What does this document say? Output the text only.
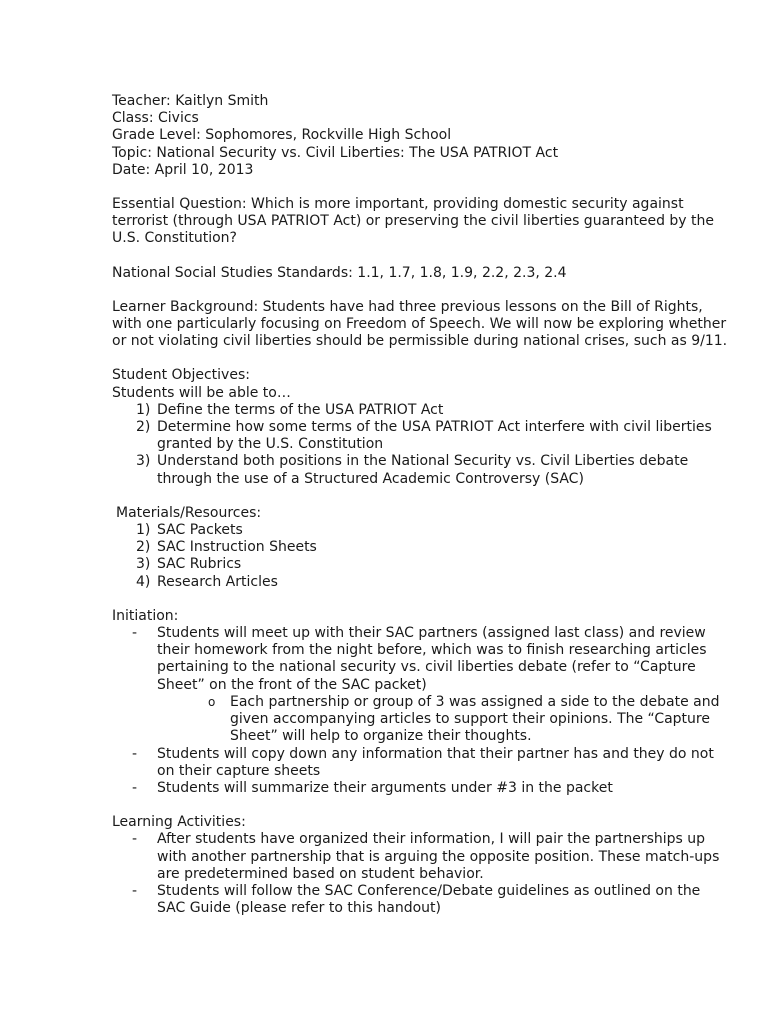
Teacher: Kaitlyn Smith
Class: Civics
Grade Level: Sophomores, Rockville High School
Topic: National Security vs. Civil Liberties: The USA PATRIOT Act
Date: April 10, 2013
Essential Question: Which is more important, providing domestic security against
terrorist (through USA PATRIOT Act) or preserving the civil liberties guaranteed by the
U.S. Constitution?
National Social Studies Standards: 1.1, 1.7, 1.8, 1.9, 2.2, 2.3, 2.4
Learner Background: Students have had three previous lessons on the Bill of Rights,
with one particularly focusing on Freedom of Speech. We will now be exploring whether
or not violating civil liberties should be permissible during national crises, such as 9/11.
Student Objectives:
Students will be able to…
1) Define the terms of the USA PATRIOT Act
2) Determine how some terms of the USA PATRIOT Act interfere with civil liberties
granted by the U.S. Constitution
3) Understand both positions in the National Security vs. Civil Liberties debate
through the use of a Structured Academic Controversy (SAC)
Materials/Resources:
1) SAC Packets
2) SAC Instruction Sheets
3) SAC Rubrics
4) Research Articles
Initiation:
- Students will meet up with their SAC partners (assigned last class) and review
their homework from the night before, which was to finish researching articles
pertaining to the national security vs. civil liberties debate (refer to “Capture
Sheet” on the front of the SAC packet)
o Each partnership or group of 3 was assigned a side to the debate and
given accompanying articles to support their opinions. The “Capture
Sheet” will help to organize their thoughts.
- Students will copy down any information that their partner has and they do not
on their capture sheets
- Students will summarize their arguments under #3 in the packet
Learning Activities:
- After students have organized their information, I will pair the partnerships up
with another partnership that is arguing the opposite position. These match-ups
are predetermined based on student behavior.
- Students will follow the SAC Conference/Debate guidelines as outlined on the
SAC Guide (please refer to this handout)
